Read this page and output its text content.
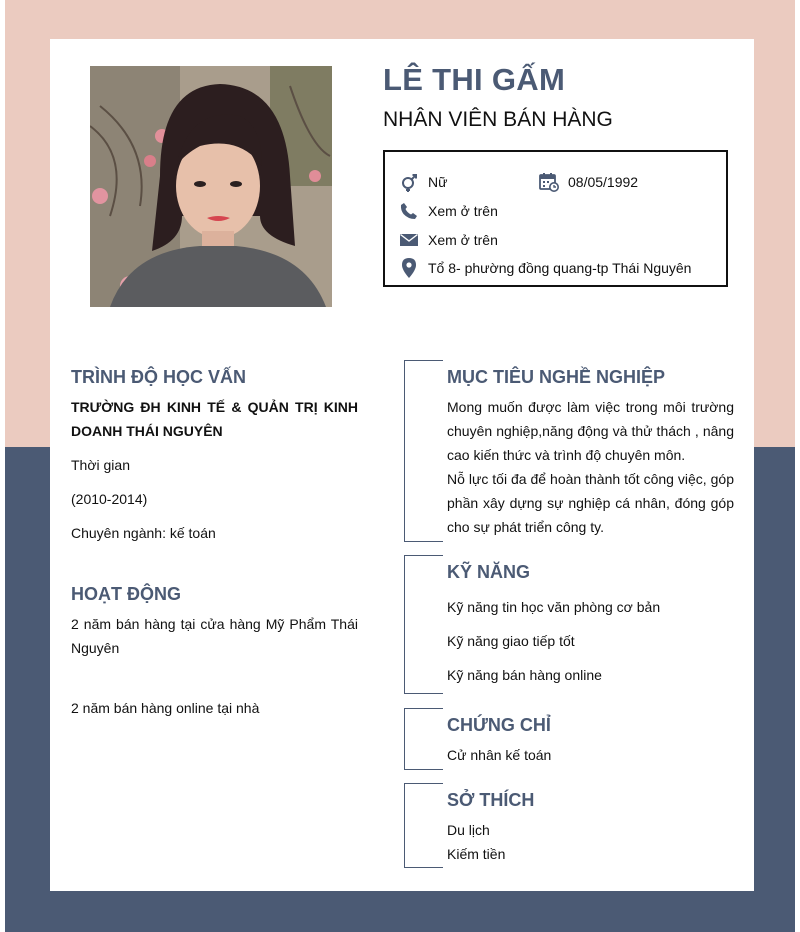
LÊ THI GẤM
NHÂN VIÊN BÁN HÀNG
Nữ	08/05/1992
Xem ở trên
Xem ở trên
Tổ 8- phường đồng quang-tp Thái Nguyên
TRÌNH ĐỘ HỌC VẤN
TRƯỜNG ĐH KINH TẾ & QUẢN TRỊ KINH DOANH THÁI NGUYÊN
Thời gian
(2010-2014)
Chuyên ngành: kế toán
HOẠT ĐỘNG
2 năm bán hàng tại cửa hàng Mỹ Phẩm Thái Nguyên
2 năm bán hàng online tại nhà
MỤC TIÊU NGHỀ NGHIỆP
Mong muốn được làm việc trong môi trường chuyên nghiệp,năng động và thử thách , nâng cao kiến thức và trình độ chuyên môn.
Nỗ lực tối đa để hoàn thành tốt công việc, góp phần xây dựng sự nghiệp cá nhân, đóng góp cho sự phát triển công ty.
KỸ NĂNG
Kỹ năng tin học văn phòng cơ bản
Kỹ năng giao tiếp tốt
Kỹ năng bán hàng online
CHỨNG CHỈ
Cử nhân kế toán
SỞ THÍCH
Du lịch
Kiếm tiền
